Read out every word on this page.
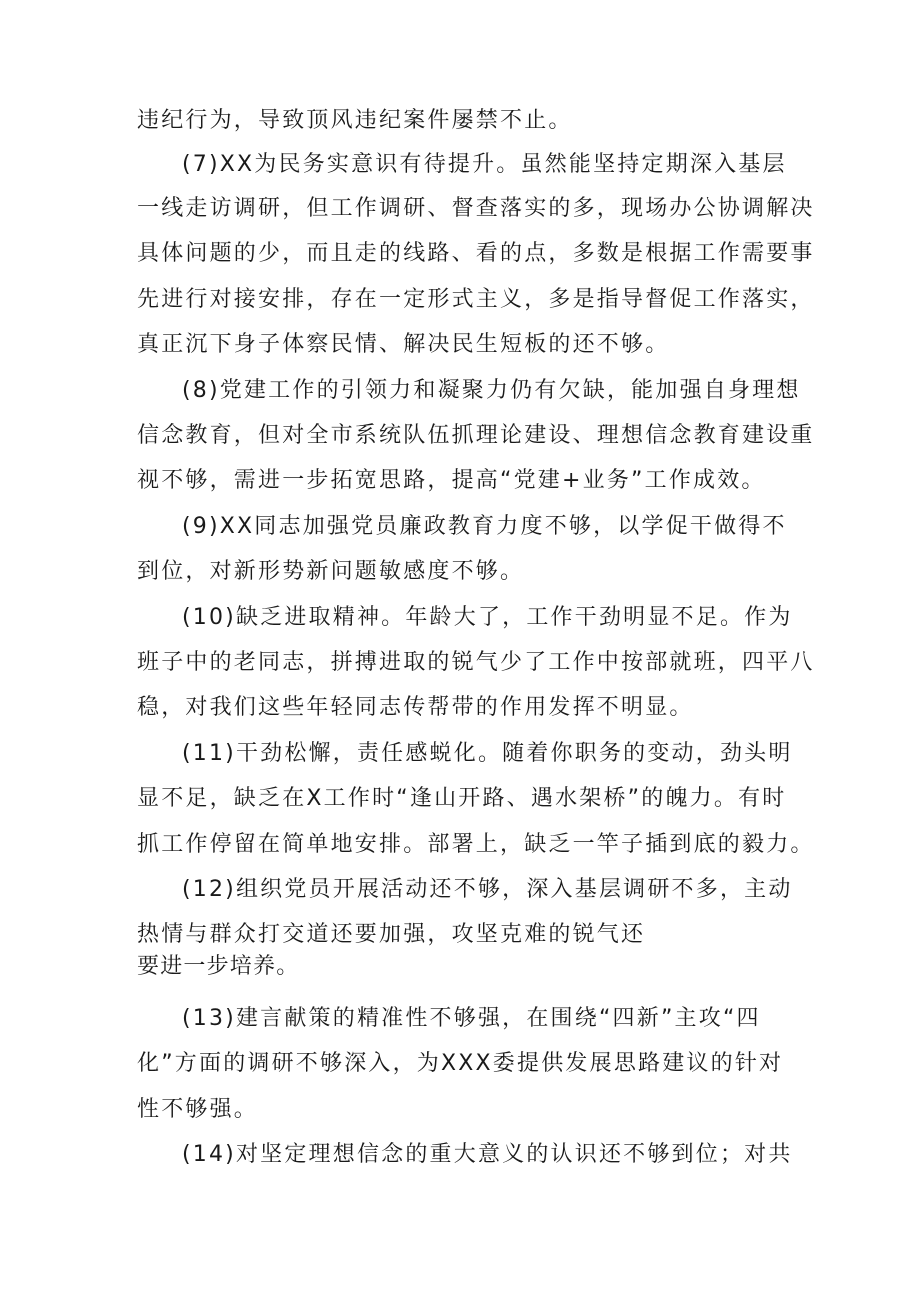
违纪行为，导致顶风违纪案件屡禁不止。

(7)XX为民务实意识有待提升。虽然能坚持定期深入基层

一线走访调研，但工作调研、督查落实的多，现场办公协调解决

具体问题的少，而且走的线路、看的点，多数是根据工作需要事

先进行对接安排，存在一定形式主义，多是指导督促工作落实，

真正沉下身子体察民情、解决民生短板的还不够。

(8)党建工作的引领力和凝聚力仍有欠缺，能加强自身理想

信念教育，但对全市系统队伍抓理论建设、理想信念教育建设重

视不够，需进一步拓宽思路，提高“党建+业务”工作成效。

(9)XX同志加强党员廉政教育力度不够，以学促干做得不

到位，对新形势新问题敏感度不够。

(10)缺乏进取精神。年龄大了，工作干劲明显不足。作为

班子中的老同志，拼搏进取的锐气少了工作中按部就班，四平八

稳，对我们这些年轻同志传帮带的作用发挥不明显。

(11)干劲松懈，责任感蜕化。随着你职务的变动，劲头明

显不足，缺乏在X工作时“逢山开路、遇水架桥”的魄力。有时

抓工作停留在简单地安排。部署上，缺乏一竿子插到底的毅力。

(12)组织党员开展活动还不够，深入基层调研不多，主动

热情与群众打交道还要加强，攻坚克难的锐气还

要进一步培养。

(13)建言献策的精准性不够强，在围绕“四新”主攻“四

化”方面的调研不够深入，为XXX委提供发展思路建议的针对

性不够强。

(14)对坚定理想信念的重大意义的认识还不够到位；对共
